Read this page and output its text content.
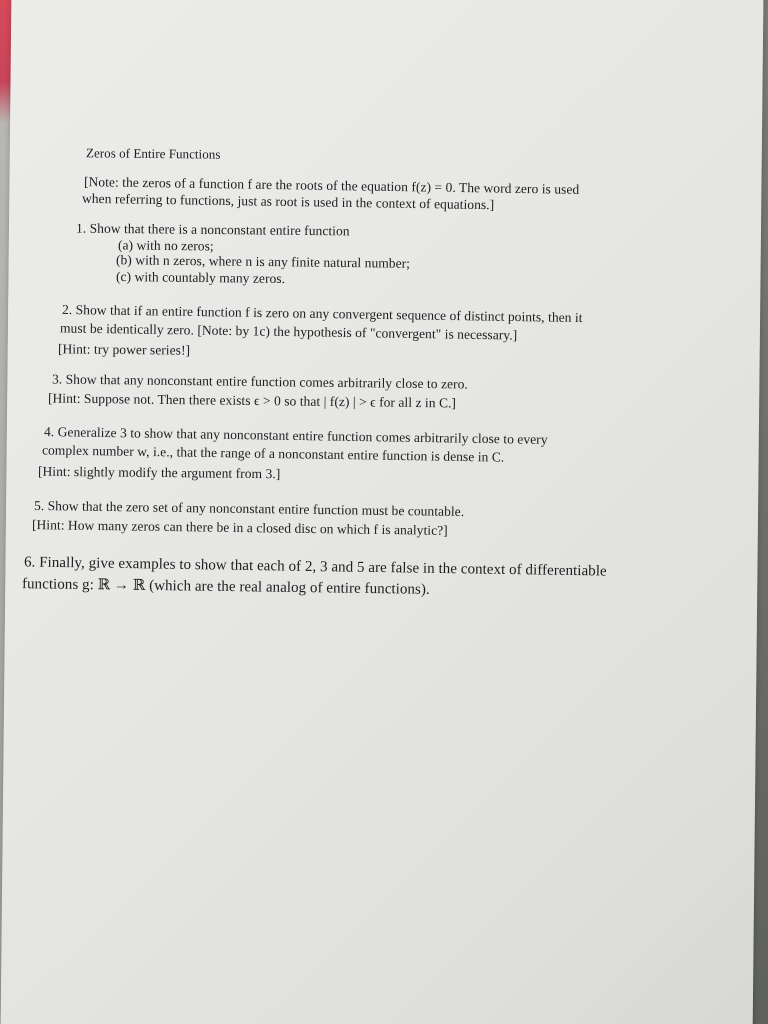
Zeros of Entire Functions
[Note: the zeros of a function f are the roots of the equation f(z) = 0. The word zero is used
when referring to functions, just as root is used in the context of equations.]
1. Show that there is a nonconstant entire function
(a) with no zeros;
(b) with n zeros, where n is any finite natural number;
(c) with countably many zeros.
2. Show that if an entire function f is zero on any convergent sequence of distinct points, then it
must be identically zero. [Note: by 1c) the hypothesis of "convergent" is necessary.]
[Hint: try power series!]
3. Show that any nonconstant entire function comes arbitrarily close to zero.
[Hint: Suppose not. Then there exists ϵ > 0 so that | f(z) | > ϵ for all z in C.]
4. Generalize 3 to show that any nonconstant entire function comes arbitrarily close to every
complex number w, i.e., that the range of a nonconstant entire function is dense in C.
[Hint: slightly modify the argument from 3.]
5. Show that the zero set of any nonconstant entire function must be countable.
[Hint: How many zeros can there be in a closed disc on which f is analytic?]
6. Finally, give examples to show that each of 2, 3 and 5 are false in the context of differentiable
functions g: ℝ → ℝ (which are the real analog of entire functions).
